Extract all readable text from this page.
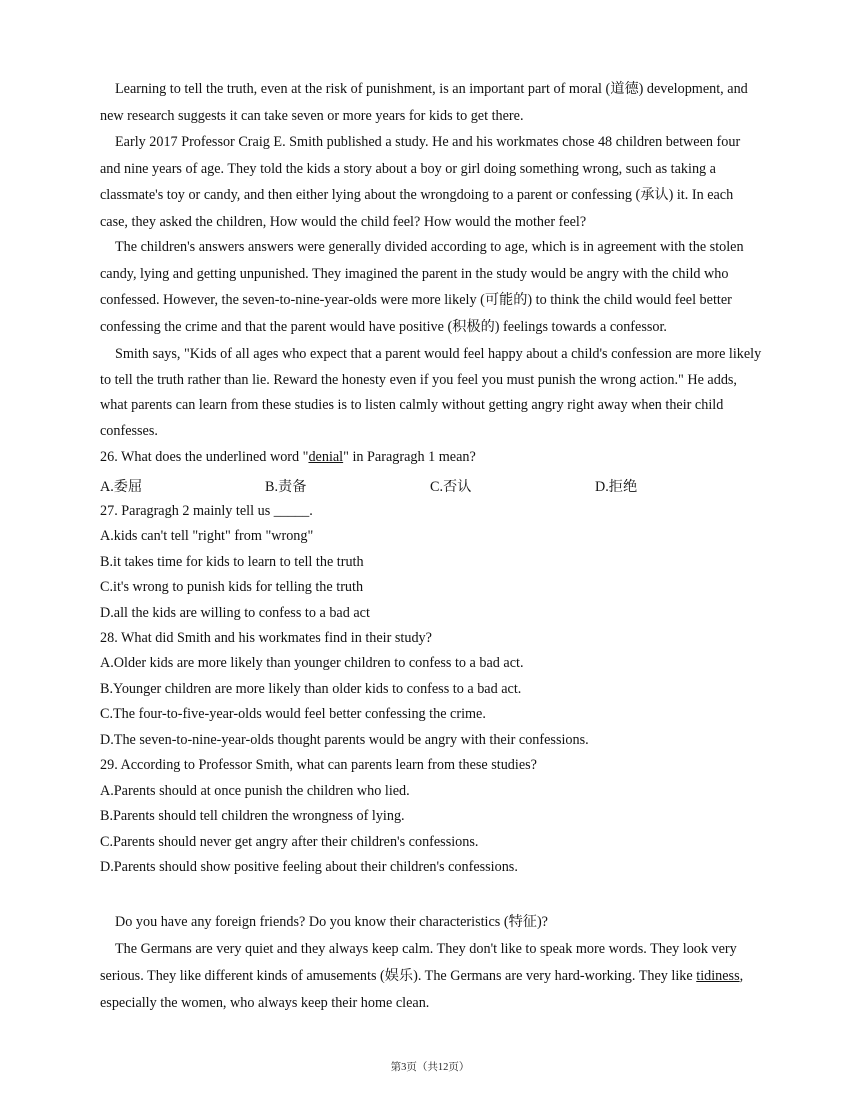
Learning to tell the truth, even at the risk of punishment, is an important part of moral (道德) development, and new research suggests it can take seven or more years for kids to get there.

Early 2017 Professor Craig E. Smith published a study. He and his workmates chose 48 children between four and nine years of age. They told the kids a story about a boy or girl doing something wrong, such as taking a classmate's toy or candy, and then either lying about the wrongdoing to a parent or confessing (承认) it. In each case, they asked the children, How would the child feel? How would the mother feel?

The children's answers answers were generally divided according to age, which is in agreement with the stolen candy, lying and getting unpunished. They imagined the parent in the study would be angry with the child who confessed. However, the seven-to-nine-year-olds were more likely (可能的) to think the child would feel better confessing the crime and that the parent would have positive (积极的) feelings towards a confessor.

Smith says, "Kids of all ages who expect that a parent would feel happy about a child's confession are more likely to tell the truth rather than lie. Reward the honesty even if you feel you must punish the wrong action." He adds, what parents can learn from these studies is to listen calmly without getting angry right away when their child confesses.

26. What does the underlined word "denial" in Paragragh 1 mean?

A.委屈	B.责备	C.否认	D.拒绝

27. Paragragh 2 mainly tell us _____.

A.kids can't tell "right" from "wrong"

B.it takes time for kids to learn to tell the truth

C.it's wrong to punish kids for telling the truth

D.all the kids are willing to confess to a bad act

28. What did Smith and his workmates find in their study?

A.Older kids are more likely than younger children to confess to a bad act.

B.Younger children are more likely than older kids to confess to a bad act.

C.The four-to-five-year-olds would feel better confessing the crime.

D.The seven-to-nine-year-olds thought parents would be angry with their confessions.

29. According to Professor Smith, what can parents learn from these studies?

A.Parents should at once punish the children who lied.

B.Parents should tell children the wrongness of lying.

C.Parents should never get angry after their children's confessions.

D.Parents should show positive feeling about their children's confessions.

Do you have any foreign friends? Do you know their characteristics (特征)?

The Germans are very quiet and they always keep calm. They don't like to speak more words. They look very serious. They like different kinds of amusements (娱乐). The Germans are very hard-working. They like tidiness, especially the women, who always keep their home clean.

第3页（共12页）
